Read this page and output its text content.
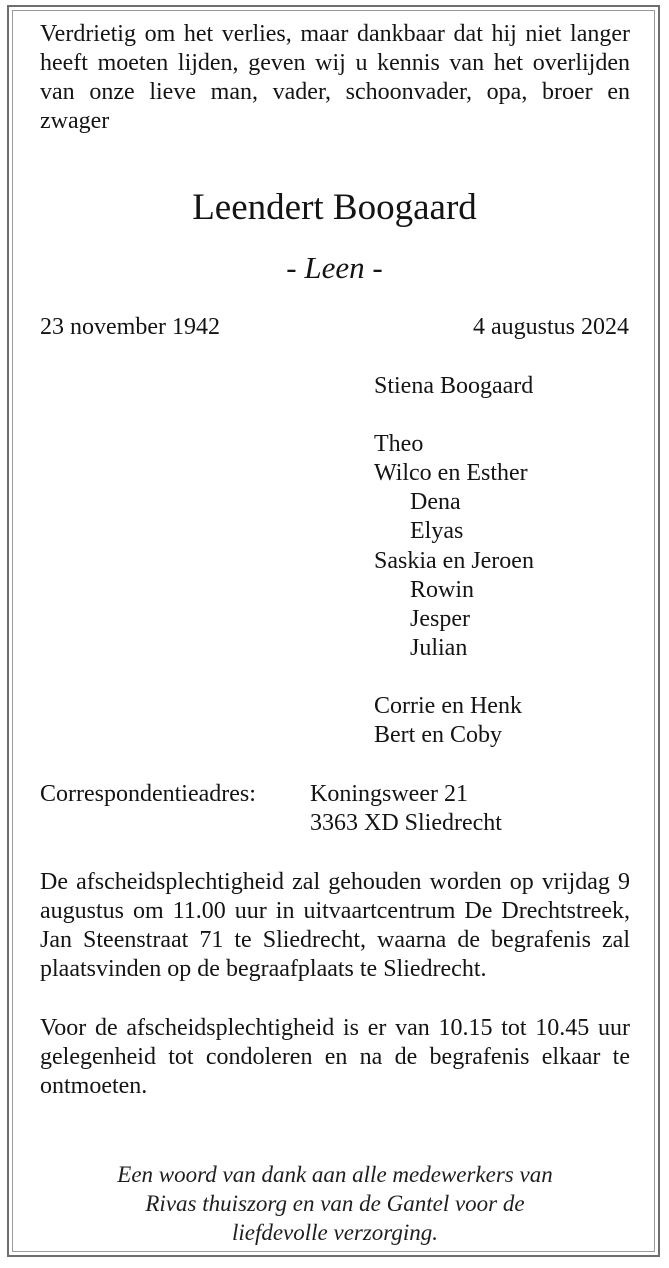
Verdrietig om het verlies, maar dankbaar dat hij niet langer heeft moeten lijden, geven wij u kennis van het overlijden van onze lieve man, vader, schoonvader, opa, broer en zwager
Leendert Boogaard
- Leen -
23 november 1942	4 augustus 2024
Stiena Boogaard
Theo
Wilco en Esther
Dena
Elyas
Saskia en Jeroen
Rowin
Jesper
Julian
Corrie en Henk
Bert en Coby
Correspondentieadres: Koningsweer 21
3363 XD Sliedrecht
De afscheidsplechtigheid zal gehouden worden op vrijdag 9 augustus om 11.00 uur in uitvaartcentrum De Drechtstreek, Jan Steenstraat 71 te Sliedrecht, waarna de begrafenis zal plaatsvinden op de begraafplaats te Sliedrecht.
Voor de afscheidsplechtigheid is er van 10.15 tot 10.45 uur gelegenheid tot condoleren en na de begrafenis elkaar te ontmoeten.
Een woord van dank aan alle medewerkers van
Rivas thuiszorg en van de Gantel voor de
liefdevolle verzorging.
